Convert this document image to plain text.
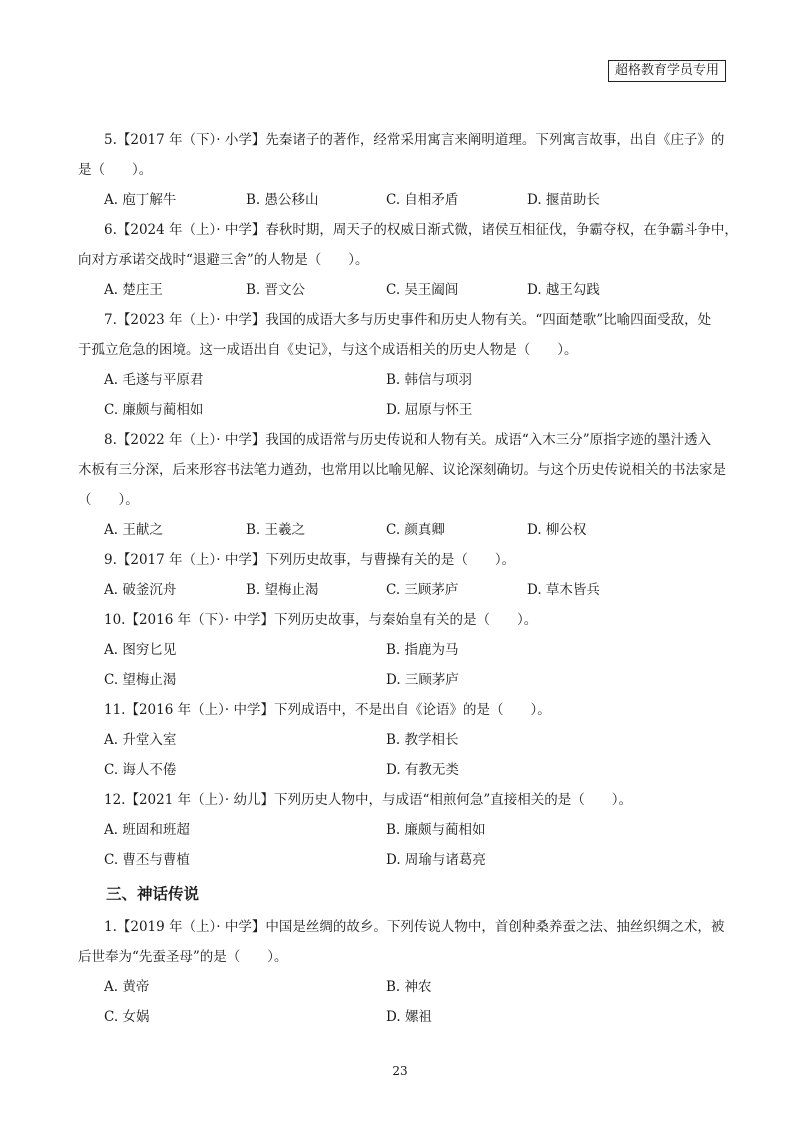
超格教育学员专用
5.【2017 年（下）· 小学】先秦诸子的著作，经常采用寓言来阐明道理。下列寓言故事，出自《庄子》的
是（　　）。
A. 庖丁解牛	B. 愚公移山	C. 自相矛盾	D. 揠苗助长
6.【2024 年（上）· 中学】春秋时期，周天子的权威日渐式微，诸侯互相征伐，争霸夺权，在争霸斗争中，
向对方承诺交战时“退避三舍”的人物是（　　）。
A. 楚庄王	B. 晋文公	C. 吴王阖闾	D. 越王勾践
7.【2023 年（上）· 中学】我国的成语大多与历史事件和历史人物有关。“四面楚歌”比喻四面受敌，处
于孤立危急的困境。这一成语出自《史记》，与这个成语相关的历史人物是（　　）。
A. 毛遂与平原君	B. 韩信与项羽
C. 廉颇与蔺相如	D. 屈原与怀王
8.【2022 年（上）· 中学】我国的成语常与历史传说和人物有关。成语“入木三分”原指字迹的墨汁透入
木板有三分深，后来形容书法笔力遒劲，也常用以比喻见解、议论深刻确切。与这个历史传说相关的书法家是
（　　）。
A. 王献之	B. 王羲之	C. 颜真卿	D. 柳公权
9.【2017 年（上）· 中学】下列历史故事，与曹操有关的是（　　）。
A. 破釜沉舟	B. 望梅止渴	C. 三顾茅庐	D. 草木皆兵
10.【2016 年（下）· 中学】下列历史故事，与秦始皇有关的是（　　）。
A. 图穷匕见	B. 指鹿为马
C. 望梅止渴	D. 三顾茅庐
11.【2016 年（上）· 中学】下列成语中，不是出自《论语》的是（　　）。
A. 升堂入室	B. 教学相长
C. 诲人不倦	D. 有教无类
12.【2021 年（上）· 幼儿】下列历史人物中，与成语“相煎何急”直接相关的是（　　）。
A. 班固和班超	B. 廉颇与蔺相如
C. 曹丕与曹植	D. 周瑜与诸葛亮
三、神话传说
1.【2019 年（上）· 中学】中国是丝绸的故乡。下列传说人物中，首创种桑养蚕之法、抽丝织绸之术，被
后世奉为“先蚕圣母”的是（　　）。
A. 黄帝	B. 神农
C. 女娲	D. 嫘祖
23
